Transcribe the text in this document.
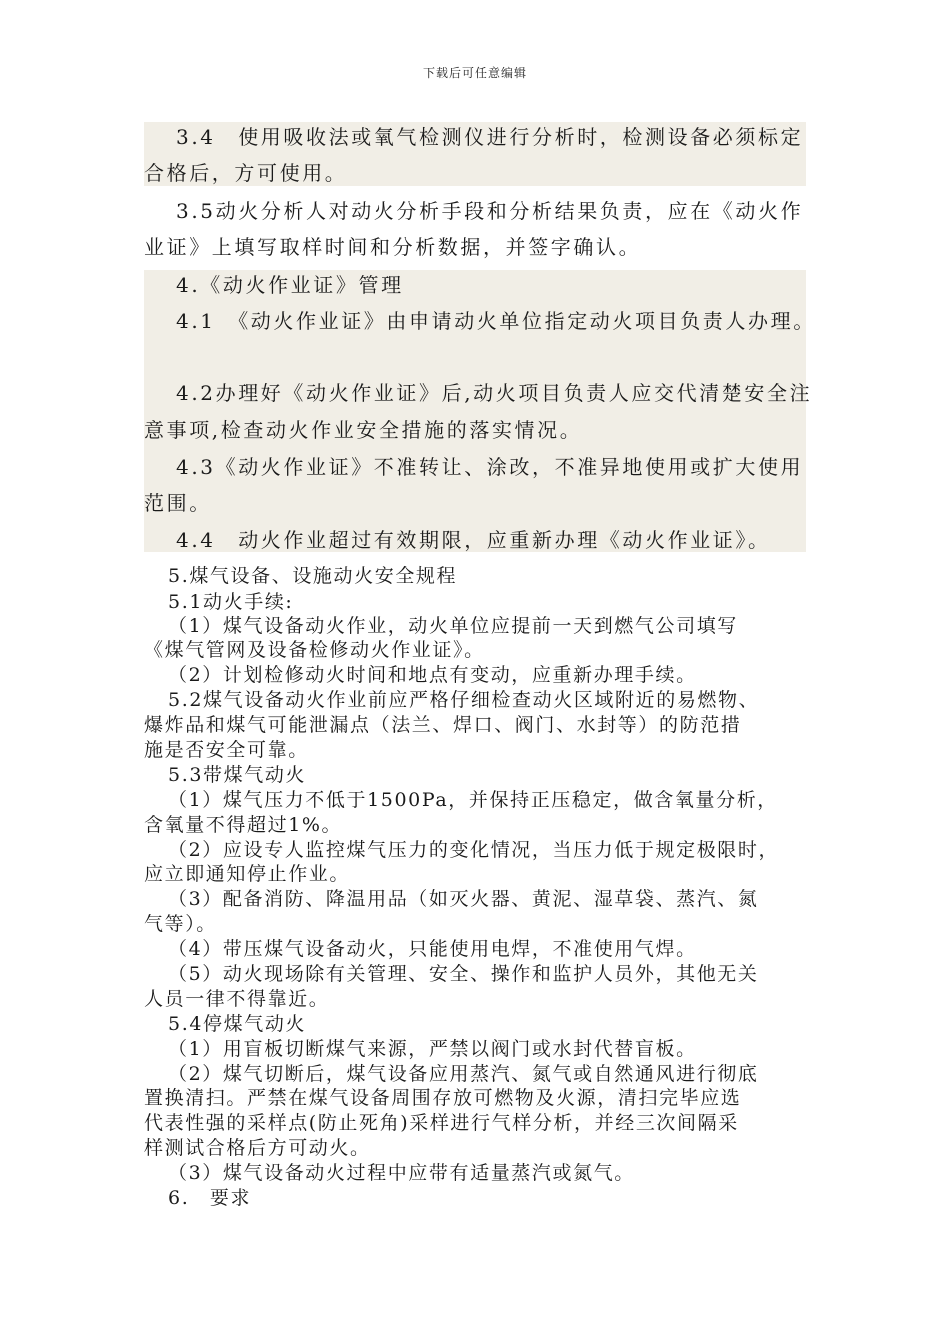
下载后可任意编辑
3.4　使用吸收法或氧气检测仪进行分析时，检测设备必须标定
合格后，方可使用。
3.5动火分析人对动火分析手段和分析结果负责，应在《动火作
业证》上填写取样时间和分析数据，并签字确认。
4.《动火作业证》管理
4.1　《动火作业证》由申请动火单位指定动火项目负责人办理。
4.2办理好《动火作业证》后,动火项目负责人应交代清楚安全注
意事项,检查动火作业安全措施的落实情况。
4.3《动火作业证》不准转让、涂改，不准异地使用或扩大使用
范围。
4.4　动火作业超过有效期限，应重新办理《动火作业证》。
5.煤气设备、设施动火安全规程
5.1动火手续:
（1）煤气设备动火作业，动火单位应提前一天到燃气公司填写
《煤气管网及设备检修动火作业证》。
（2）计划检修动火时间和地点有变动，应重新办理手续。
5.2煤气设备动火作业前应严格仔细检查动火区域附近的易燃物、
爆炸品和煤气可能泄漏点（法兰、焊口、阀门、水封等）的防范措
施是否安全可靠。
5.3带煤气动火
（1）煤气压力不低于1500Pa，并保持正压稳定，做含氧量分析，
含氧量不得超过1%。
（2）应设专人监控煤气压力的变化情况，当压力低于规定极限时，
应立即通知停止作业。
（3）配备消防、降温用品（如灭火器、黄泥、湿草袋、蒸汽、氮
气等）。
（4）带压煤气设备动火，只能使用电焊，不准使用气焊。
（5）动火现场除有关管理、安全、操作和监护人员外，其他无关
人员一律不得靠近。
5.4停煤气动火
（1）用盲板切断煤气来源，严禁以阀门或水封代替盲板。
（2）煤气切断后，煤气设备应用蒸汽、氮气或自然通风进行彻底
置换清扫。严禁在煤气设备周围存放可燃物及火源，清扫完毕应选
代表性强的采样点(防止死角)采样进行气样分析，并经三次间隔采
样测试合格后方可动火。
（3）煤气设备动火过程中应带有适量蒸汽或氮气。
6.　要求
